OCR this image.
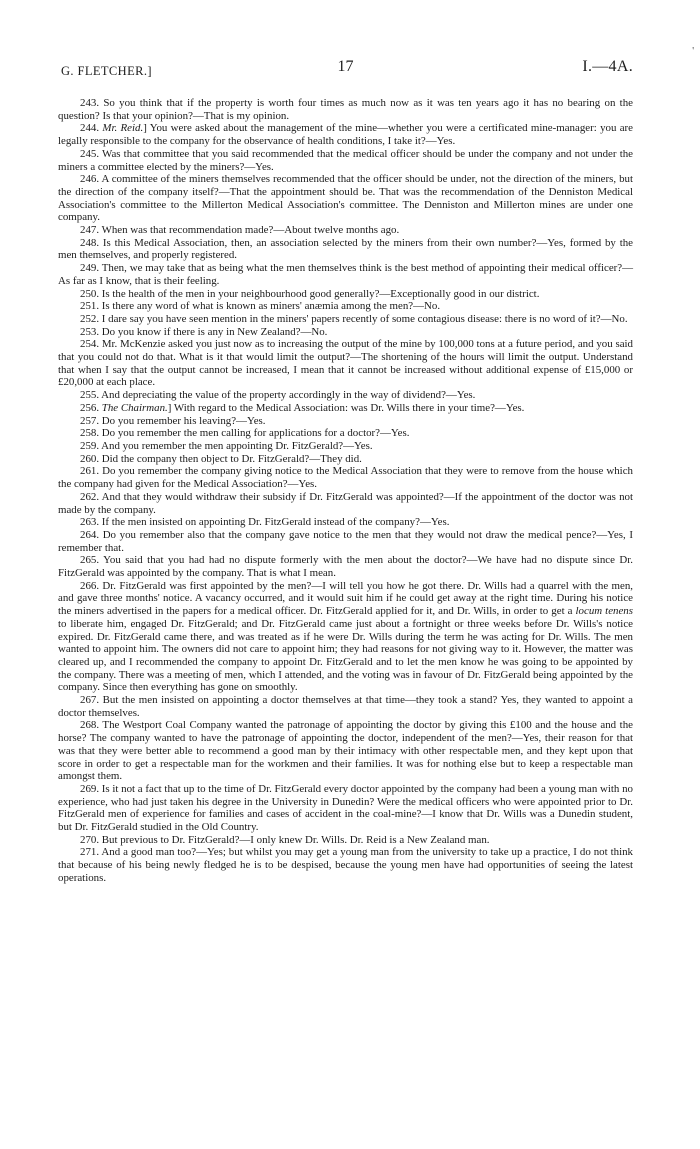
'
G. FLETCHER.]	17	I.—4A.

243. So you think that if the property is worth four times as much now as it was ten years ago it has no bearing on the question? Is that your opinion?—That is my opinion.

244. Mr. Reid.] You were asked about the management of the mine—whether you were a certificated mine-manager: you are legally responsible to the company for the observance of health conditions, I take it?—Yes.

245. Was that committee that you said recommended that the medical officer should be under the company and not under the miners a committee elected by the miners?—Yes.

246. A committee of the miners themselves recommended that the officer should be under, not the direction of the miners, but the direction of the company itself?—That the appointment should be. That was the recommendation of the Denniston Medical Association's committee to the Millerton Medical Association's committee. The Denniston and Millerton mines are under one company.

247. When was that recommendation made?—About twelve months ago.

248. Is this Medical Association, then, an association selected by the miners from their own number?—Yes, formed by the men themselves, and properly registered.

249. Then, we may take that as being what the men themselves think is the best method of appointing their medical officer?—As far as I know, that is their feeling.

250. Is the health of the men in your neighbourhood good generally?—Exceptionally good in our district.

251. Is there any word of what is known as miners' anæmia among the men?—No.

252. I dare say you have seen mention in the miners' papers recently of some contagious disease: there is no word of it?—No.

253. Do you know if there is any in New Zealand?—No.

254. Mr. McKenzie asked you just now as to increasing the output of the mine by 100,000 tons at a future period, and you said that you could not do that. What is it that would limit the output?—The shortening of the hours will limit the output. Understand that when I say that the output cannot be increased, I mean that it cannot be increased without additional expense of £15,000 or £20,000 at each place.

255. And depreciating the value of the property accordingly in the way of dividend?—Yes.

256. The Chairman.] With regard to the Medical Association: was Dr. Wills there in your time?—Yes.

257. Do you remember his leaving?—Yes.

258. Do you remember the men calling for applications for a doctor?—Yes.

259. And you remember the men appointing Dr. FitzGerald?—Yes.

260. Did the company then object to Dr. FitzGerald?—They did.

261. Do you remember the company giving notice to the Medical Association that they were to remove from the house which the company had given for the Medical Association?—Yes.

262. And that they would withdraw their subsidy if Dr. FitzGerald was appointed?—If the appointment of the doctor was not made by the company.

263. If the men insisted on appointing Dr. FitzGerald instead of the company?—Yes.

264. Do you remember also that the company gave notice to the men that they would not draw the medical pence?—Yes, I remember that.

265. You said that you had had no dispute formerly with the men about the doctor?—We have had no dispute since Dr. FitzGerald was appointed by the company. That is what I mean.

266. Dr. FitzGerald was first appointed by the men?—I will tell you how he got there. Dr. Wills had a quarrel with the men, and gave three months' notice. A vacancy occurred, and it would suit him if he could get away at the right time. During his notice the miners advertised in the papers for a medical officer. Dr. FitzGerald applied for it, and Dr. Wills, in order to get a locum tenens to liberate him, engaged Dr. FitzGerald; and Dr. FitzGerald came just about a fortnight or three weeks before Dr. Wills's notice expired. Dr. FitzGerald came there, and was treated as if he were Dr. Wills during the term he was acting for Dr. Wills. The men wanted to appoint him. The owners did not care to appoint him; they had reasons for not giving way to it. However, the matter was cleared up, and I recommended the company to appoint Dr. FitzGerald and to let the men know he was going to be appointed by the company. There was a meeting of men, which I attended, and the voting was in favour of Dr. FitzGerald being appointed by the company. Since then everything has gone on smoothly.

267. But the men insisted on appointing a doctor themselves at that time—they took a stand? Yes, they wanted to appoint a doctor themselves.

268. The Westport Coal Company wanted the patronage of appointing the doctor by giving this £100 and the house and the horse? The company wanted to have the patronage of appointing the doctor, independent of the men?—Yes, their reason for that was that they were better able to recommend a good man by their intimacy with other respectable men, and they kept upon that score in order to get a respectable man for the workmen and their families. It was for nothing else but to keep a respectable man amongst them.

269. Is it not a fact that up to the time of Dr. FitzGerald every doctor appointed by the company had been a young man with no experience, who had just taken his degree in the University in Dunedin? Were the medical officers who were appointed prior to Dr. FitzGerald men of experience for families and cases of accident in the coal-mine?—I know that Dr. Wills was a Dunedin student, but Dr. FitzGerald studied in the Old Country.

270. But previous to Dr. FitzGerald?—I only knew Dr. Wills. Dr. Reid is a New Zealand man.

271. And a good man too?—Yes; but whilst you may get a young man from the university to take up a practice, I do not think that because of his being newly fledged he is to be despised, because the young men have had opportunities of seeing the latest operations.
